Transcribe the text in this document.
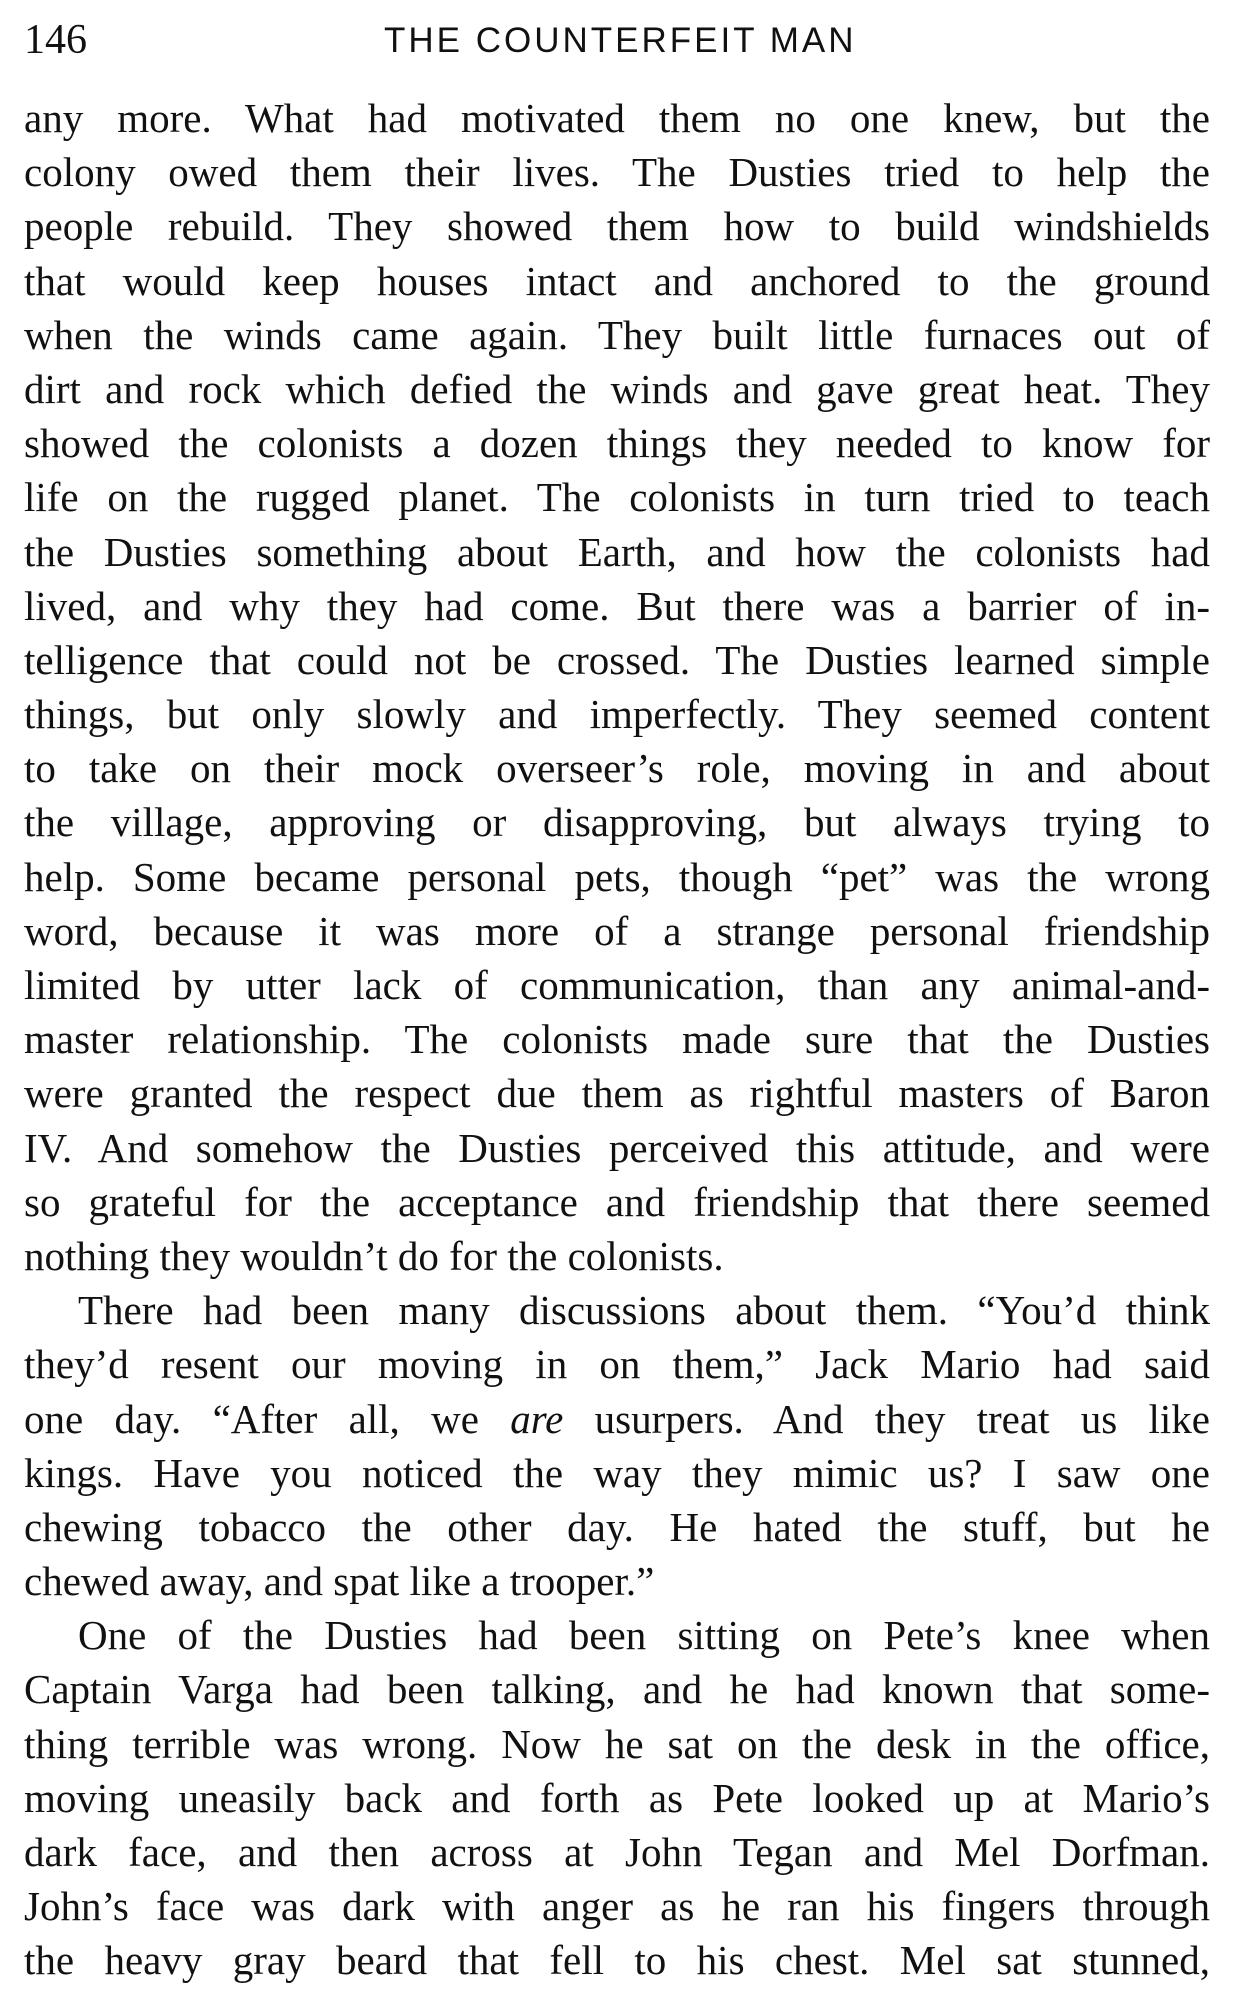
146	THE COUNTERFEIT MAN
any more. What had motivated them no one knew, but the
colony owed them their lives. The Dusties tried to help the
people rebuild. They showed them how to build windshields
that would keep houses intact and anchored to the ground
when the winds came again. They built little furnaces out of
dirt and rock which defied the winds and gave great heat. They
showed the colonists a dozen things they needed to know for
life on the rugged planet. The colonists in turn tried to teach
the Dusties something about Earth, and how the colonists had
lived, and why they had come. But there was a barrier of in-
telligence that could not be crossed. The Dusties learned simple
things, but only slowly and imperfectly. They seemed content
to take on their mock overseer’s role, moving in and about
the village, approving or disapproving, but always trying to
help. Some became personal pets, though “pet” was the wrong
word, because it was more of a strange personal friendship
limited by utter lack of communication, than any animal-and-
master relationship. The colonists made sure that the Dusties
were granted the respect due them as rightful masters of Baron
IV. And somehow the Dusties perceived this attitude, and were
so grateful for the acceptance and friendship that there seemed
nothing they wouldn’t do for the colonists.
There had been many discussions about them. “You’d think
they’d resent our moving in on them,” Jack Mario had said
one day. “After all, we are usurpers. And they treat us like
kings. Have you noticed the way they mimic us? I saw one
chewing tobacco the other day. He hated the stuff, but he
chewed away, and spat like a trooper.”
One of the Dusties had been sitting on Pete’s knee when
Captain Varga had been talking, and he had known that some-
thing terrible was wrong. Now he sat on the desk in the office,
moving uneasily back and forth as Pete looked up at Mario’s
dark face, and then across at John Tegan and Mel Dorfman.
John’s face was dark with anger as he ran his fingers through
the heavy gray beard that fell to his chest. Mel sat stunned,
